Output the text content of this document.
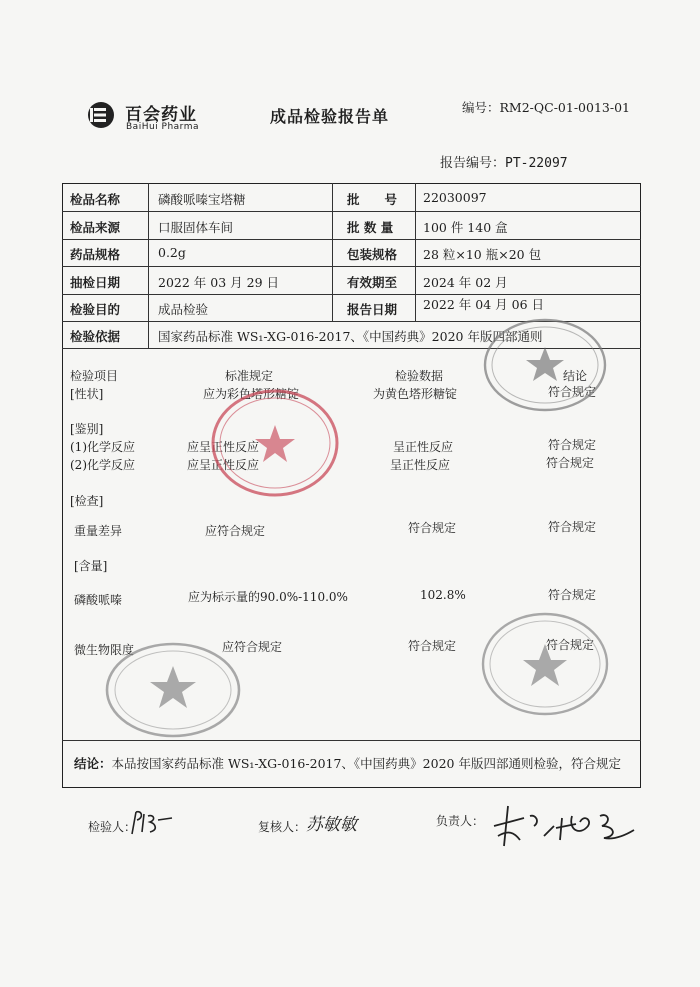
百会药业
BaiHui Pharma
成品检验报告单	编号：RM2-QC-01-0013-01
报告编号：PT-22097
检品名称	磷酸哌嗪宝塔糖	批　　号 22030097
检品来源	口服固体车间	批 数 量 100 件 140 盒
药品规格	0.2g	包装规格 28 粒×10 瓶×20 包
抽检日期	2022 年 03 月 29 日	有效期至 2024 年 02 月
检验目的	成品检验	报告日期 2022 年 04 月 06 日
检验依据	国家药品标准 WS₁-XG-016-2017、《中国药典》2020 年版四部通则
检验项目	标准规定	检验数据	结论
[性状]	应为彩色塔形糖锭	为黄色塔形糖锭	符合规定
[鉴别]
(1)化学反应	应呈正性反应	呈正性反应	符合规定
(2)化学反应	应呈正性反应	呈正性反应	符合规定
[检查]
重量差异	应符合规定	符合规定	符合规定
[含量]
磷酸哌嗪	应为标示量的90.0%-110.0%	102.8%	符合规定
微生物限度	应符合规定	符合规定	符合规定
结论：本品按国家药品标准 WS₁-XG-016-2017、《中国药典》2020 年版四部通则检验，符合规定
检验人：	复核人： 苏敏敏	负责人：
